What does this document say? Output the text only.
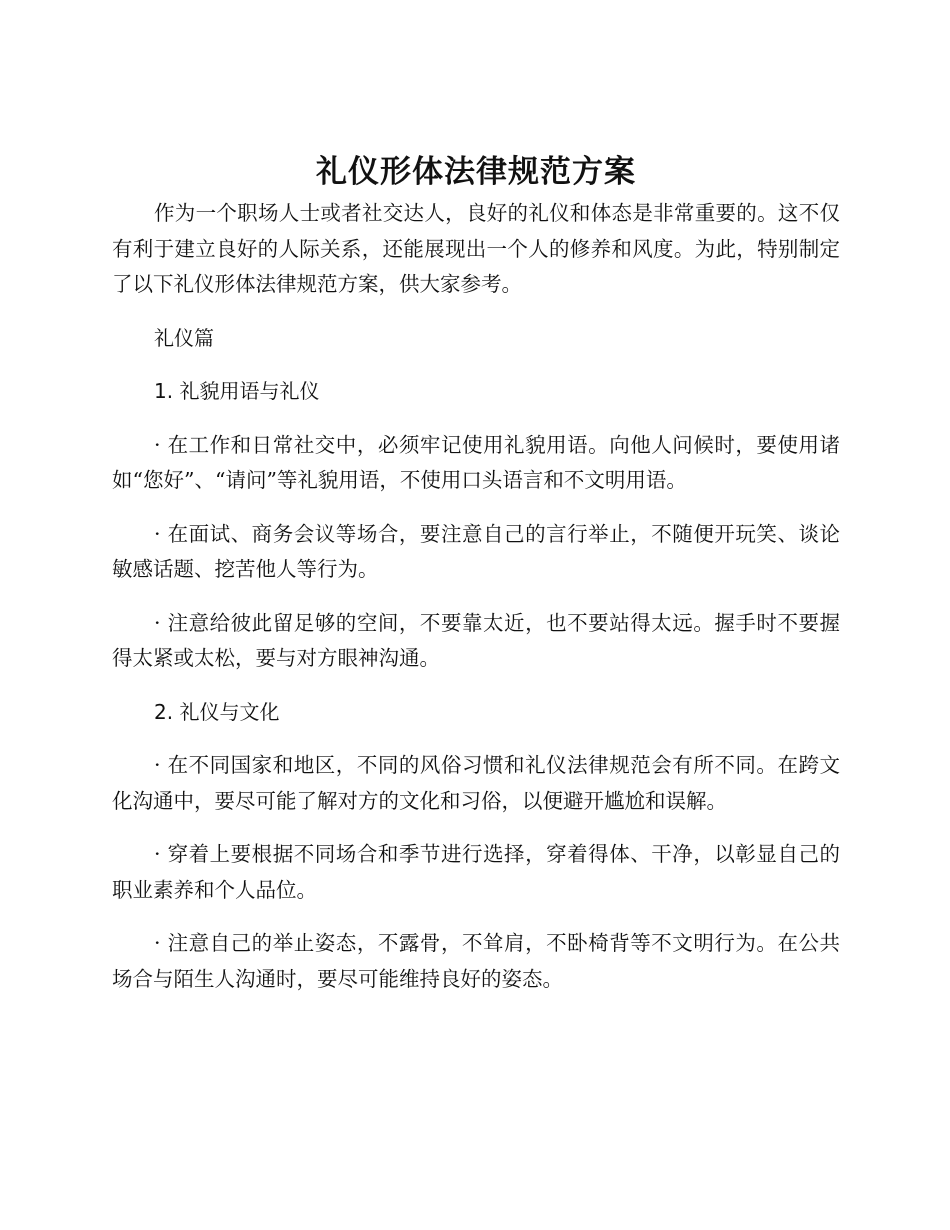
礼仪形体法律规范方案

作为一个职场人士或者社交达人，良好的礼仪和体态是非常重要的。这不仅有利于建立良好的人际关系，还能展现出一个人的修养和风度。为此，特别制定了以下礼仪形体法律规范方案，供大家参考。

礼仪篇
1. 礼貌用语与礼仪

· 在工作和日常社交中，必须牢记使用礼貌用语。向他人问候时，要使用诸如“您好”、“请问”等礼貌用语，不使用口头语言和不文明用语。

· 在面试、商务会议等场合，要注意自己的言行举止，不随便开玩笑、谈论敏感话题、挖苦他人等行为。

· 注意给彼此留足够的空间，不要靠太近，也不要站得太远。握手时不要握得太紧或太松，要与对方眼神沟通。

2. 礼仪与文化

· 在不同国家和地区，不同的风俗习惯和礼仪法律规范会有所不同。在跨文化沟通中，要尽可能了解对方的文化和习俗，以便避开尴尬和误解。

· 穿着上要根据不同场合和季节进行选择，穿着得体、干净，以彰显自己的职业素养和个人品位。

· 注意自己的举止姿态，不露骨，不耸肩，不卧椅背等不文明行为。在公共场合与陌生人沟通时，要尽可能维持良好的姿态。
